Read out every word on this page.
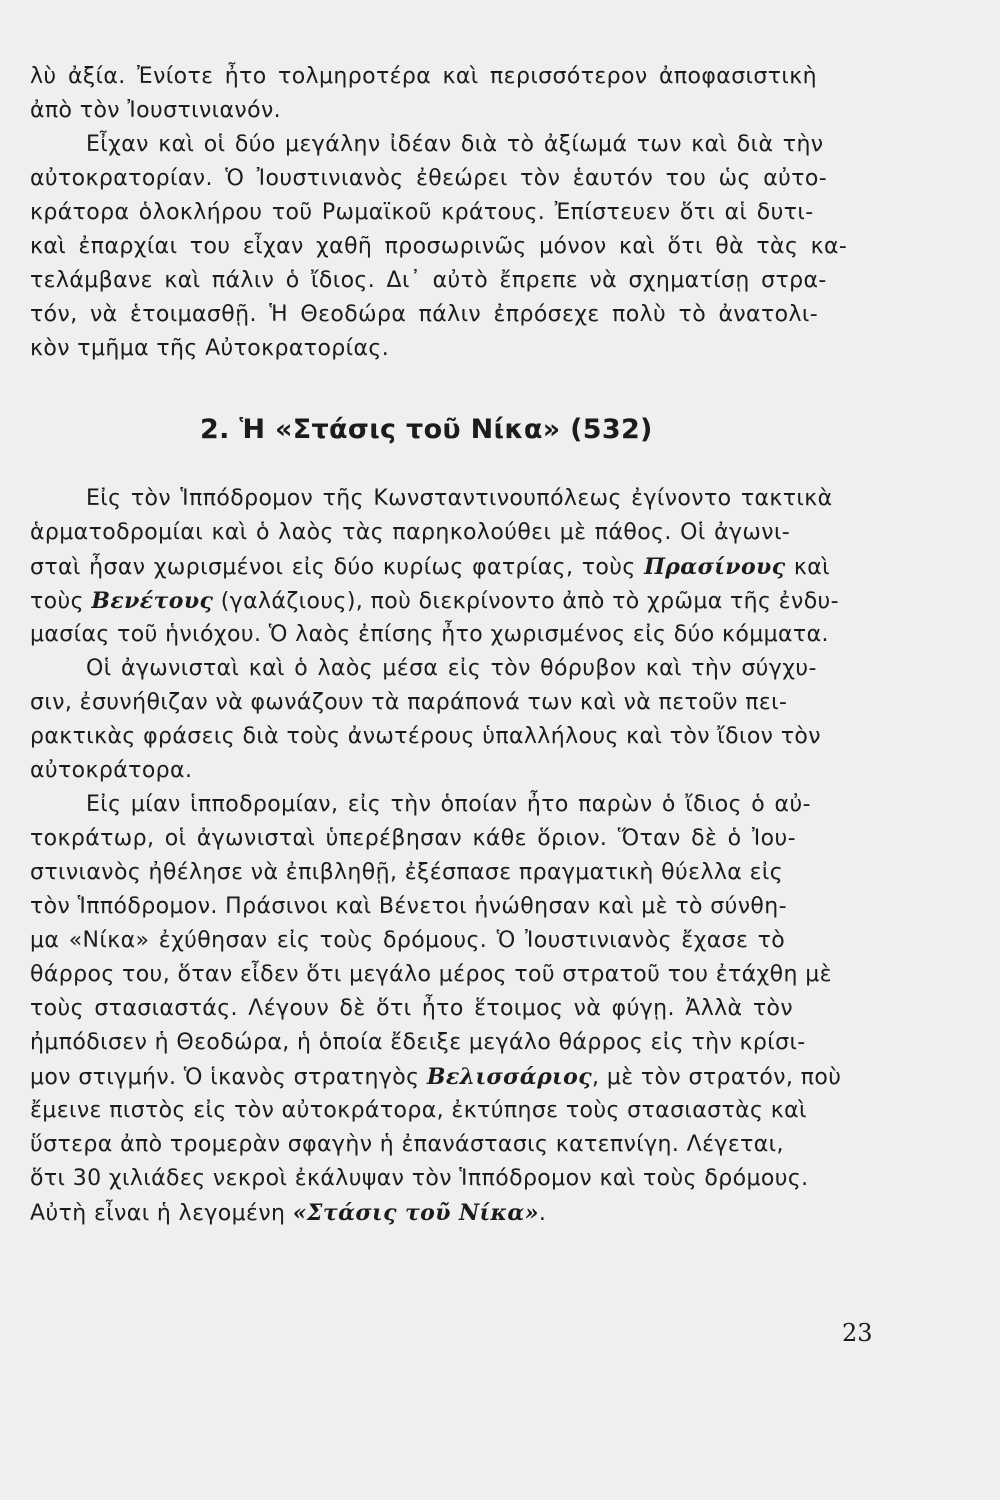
λὺ ἀξία. Ἐνίοτε ἦτο τολμηροτέρα καὶ περισσότερον ἀποφασιστικὴ
ἀπὸ τὸν Ἰουστινιανόν.
Εἶχαν καὶ οἱ δύο μεγάλην ἰδέαν διὰ τὸ ἀξίωμά των καὶ διὰ τὴν
αὐτοκρατορίαν. Ὁ Ἰουστινιανὸς ἐθεώρει τὸν ἑαυτόν του ὡς αὐτο-
κράτορα ὁλοκλήρου τοῦ Ρωμαϊκοῦ κράτους. Ἐπίστευεν ὅτι αἱ δυτι-
καὶ ἐπαρχίαι του εἶχαν χαθῆ προσωρινῶς μόνον καὶ ὅτι θὰ τὰς κα-
τελάμβανε καὶ πάλιν ὁ ἴδιος. Δι᾽ αὐτὸ ἔπρεπε νὰ σχηματίσῃ στρα-
τόν, νὰ ἑτοιμασθῇ. Ἡ Θεοδώρα πάλιν ἐπρόσεχε πολὺ τὸ ἀνατολι-
κὸν τμῆμα τῆς Αὐτοκρατορίας.
2. Ἡ «Στάσις τοῦ Νίκα» (532)
Εἰς τὸν Ἱππόδρομον τῆς Κωνσταντινουπόλεως ἐγίνοντο τακτικὰ
ἁρματοδρομίαι καὶ ὁ λαὸς τὰς παρηκολούθει μὲ πάθος. Οἱ ἀγωνι-
σταὶ ἦσαν χωρισμένοι εἰς δύο κυρίως φατρίας, τοὺς Πρασίνους καὶ
τοὺς Βενέτους (γαλάζιους), ποὺ διεκρίνοντο ἀπὸ τὸ χρῶμα τῆς ἐνδυ-
μασίας τοῦ ἡνιόχου. Ὁ λαὸς ἐπίσης ἦτο χωρισμένος εἰς δύο κόμματα.
Οἱ ἀγωνισταὶ καὶ ὁ λαὸς μέσα εἰς τὸν θόρυβον καὶ τὴν σύγχυ-
σιν, ἐσυνήθιζαν νὰ φωνάζουν τὰ παράπονά των καὶ νὰ πετοῦν πει-
ρακτικὰς φράσεις διὰ τοὺς ἀνωτέρους ὑπαλλήλους καὶ τὸν ἴδιον τὸν
αὐτοκράτορα.
Εἰς μίαν ἱπποδρομίαν, εἰς τὴν ὁποίαν ἦτο παρὼν ὁ ἴδιος ὁ αὐ-
τοκράτωρ, οἱ ἀγωνισταὶ ὑπερέβησαν κάθε ὅριον. Ὅταν δὲ ὁ Ἰου-
στινιανὸς ἠθέλησε νὰ ἐπιβληθῇ, ἐξέσπασε πραγματικὴ θύελλα εἰς
τὸν Ἱππόδρομον. Πράσινοι καὶ Βένετοι ἠνώθησαν καὶ μὲ τὸ σύνθη-
μα «Νίκα» ἐχύθησαν εἰς τοὺς δρόμους. Ὁ Ἰουστινιανὸς ἔχασε τὸ
θάρρος του, ὅταν εἶδεν ὅτι μεγάλο μέρος τοῦ στρατοῦ του ἐτάχθη μὲ
τοὺς στασιαστάς. Λέγουν δὲ ὅτι ἦτο ἕτοιμος νὰ φύγῃ. Ἀλλὰ τὸν
ἠμπόδισεν ἡ Θεοδώρα, ἡ ὁποία ἔδειξε μεγάλο θάρρος εἰς τὴν κρίσι-
μον στιγμήν. Ὁ ἱκανὸς στρατηγὸς Βελισσάριος, μὲ τὸν στρατόν, ποὺ
ἔμεινε πιστὸς εἰς τὸν αὐτοκράτορα, ἐκτύπησε τοὺς στασιαστὰς καὶ
ὕστερα ἀπὸ τρομερὰν σφαγὴν ἡ ἐπανάστασις κατεπνίγη. Λέγεται,
ὅτι 30 χιλιάδες νεκροὶ ἐκάλυψαν τὸν Ἱππόδρομον καὶ τοὺς δρόμους.
Αὐτὴ εἶναι ἡ λεγομένη «Στάσις τοῦ Νίκα».
23
